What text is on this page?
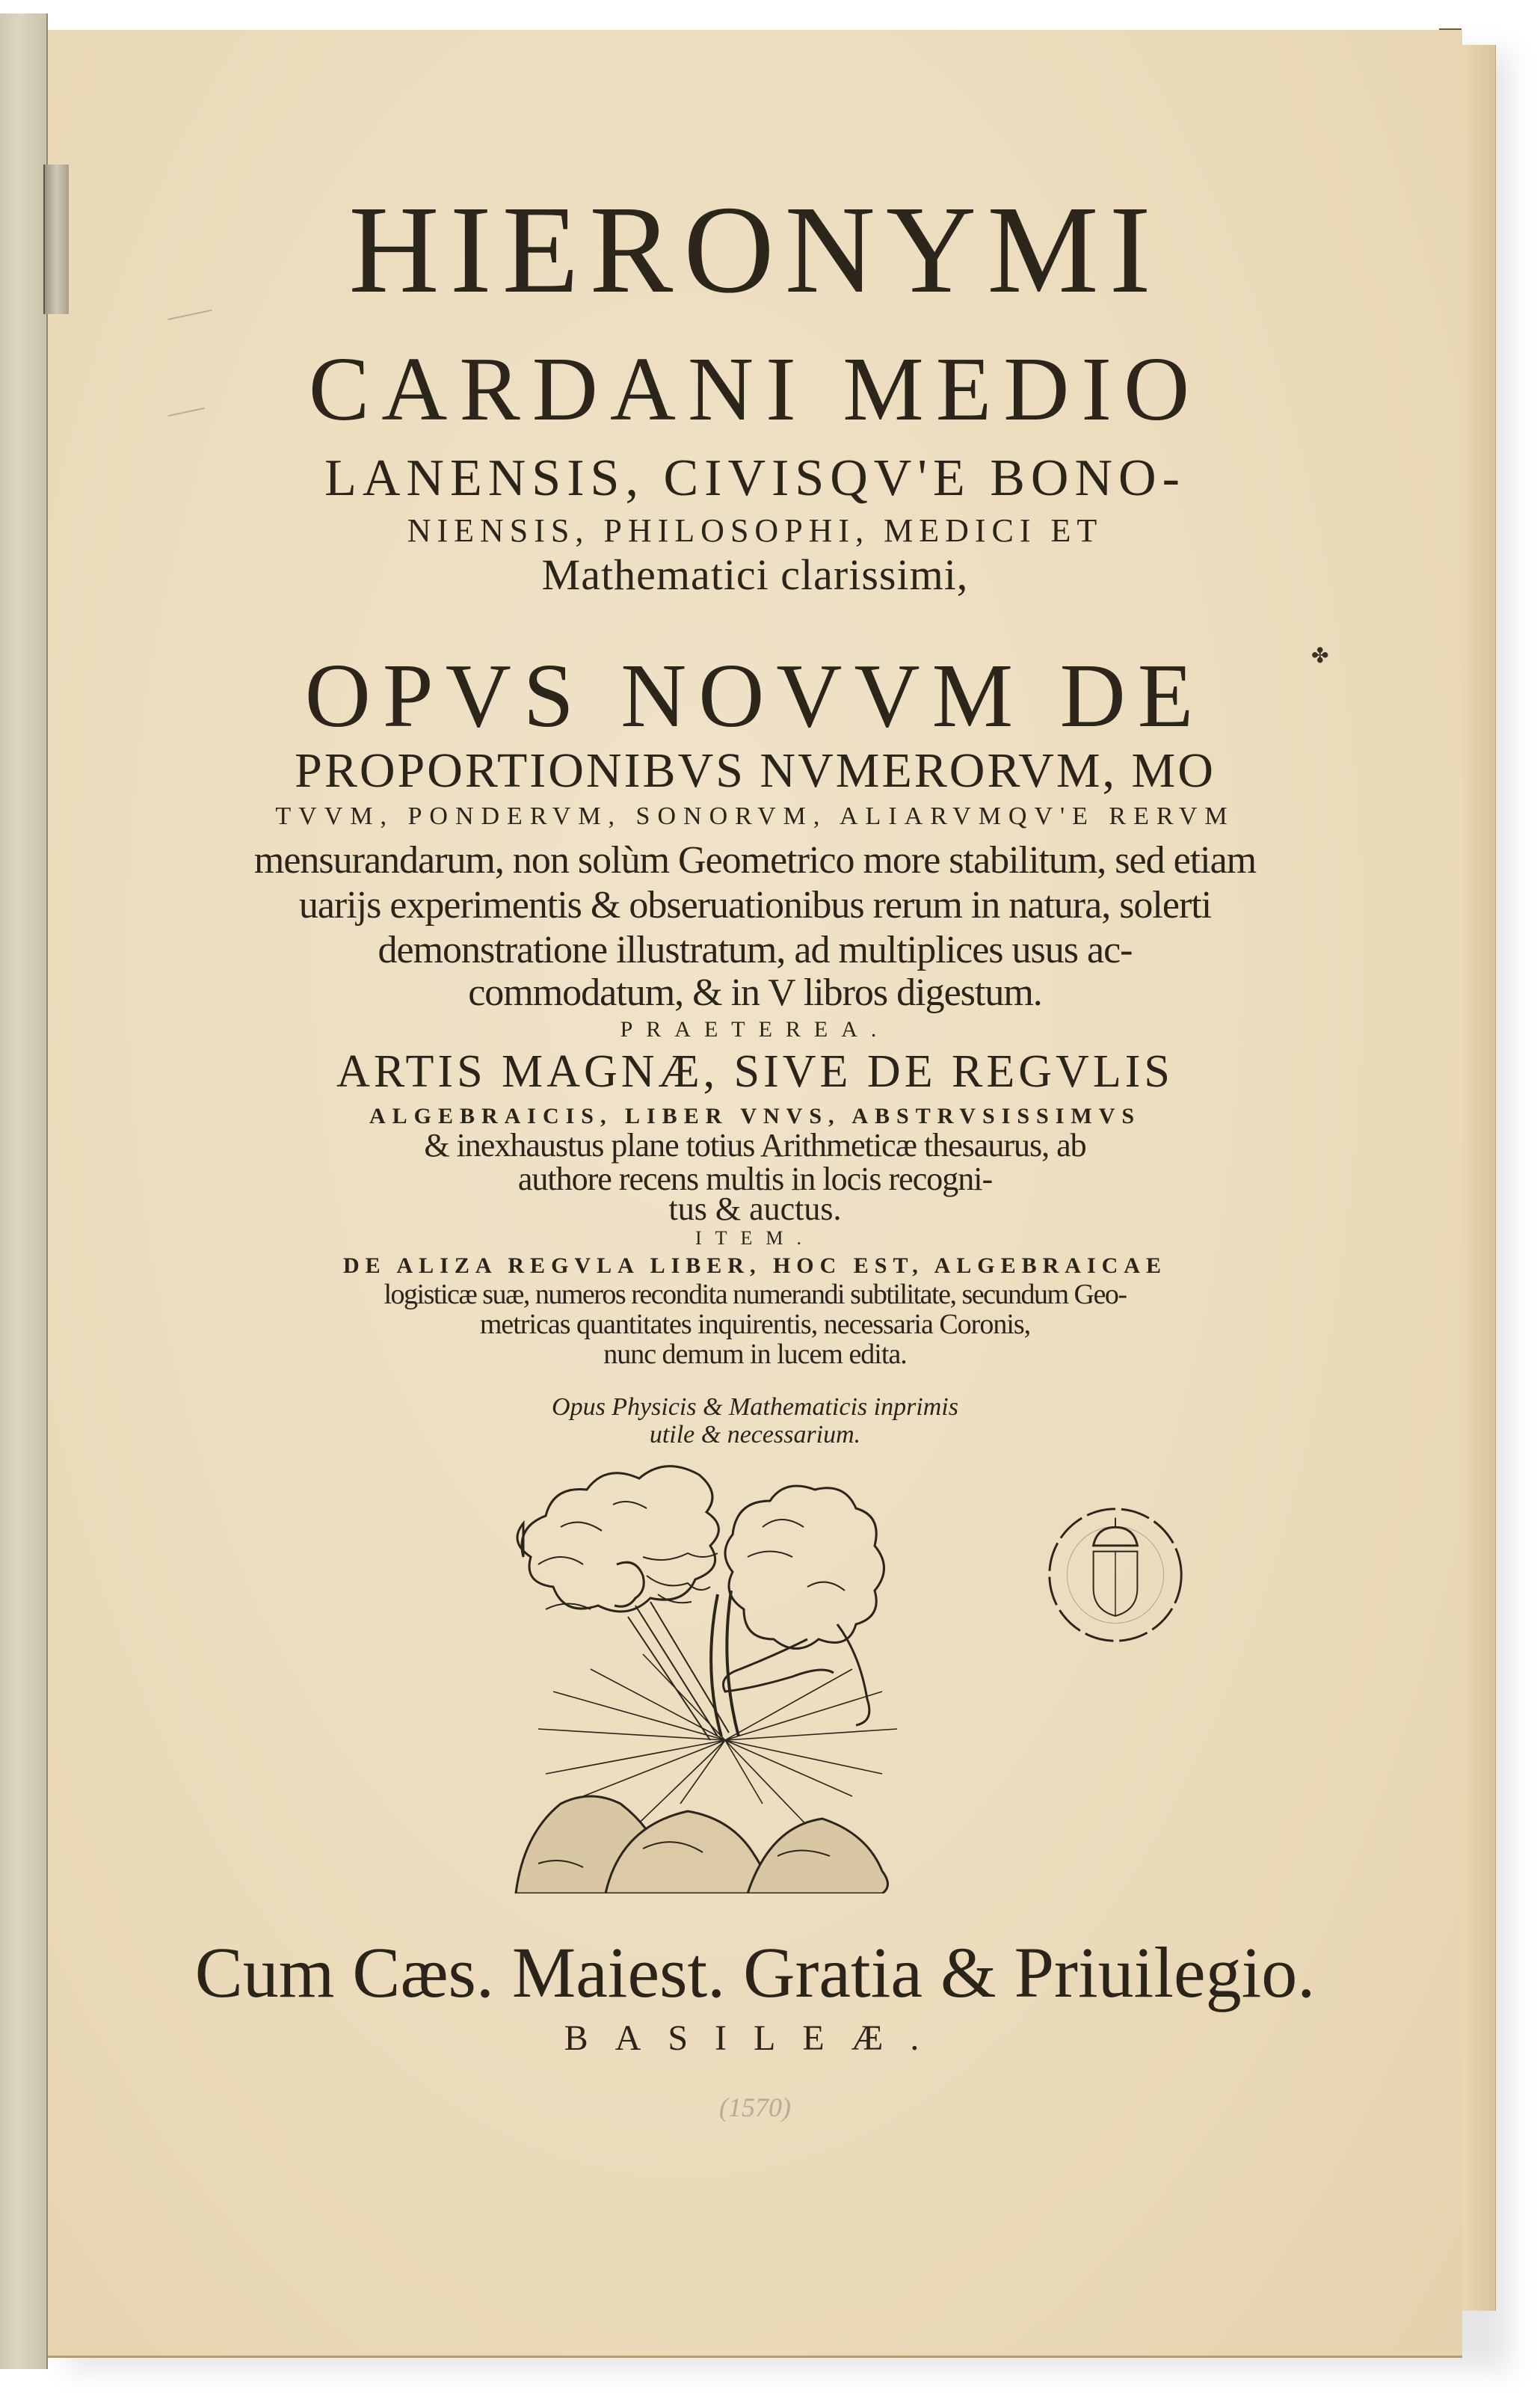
HIERONYMI
CARDANI MEDIO
LANENSIS, CIVISQV'E BONO-
NIENSIS, PHILOSOPHI, MEDICI ET
Mathematici clarissimi,
✤
OPVS NOVVM DE
PROPORTIONIBVS NVMERORVM, MO
TVVM, PONDERVM, SONORVM, ALIARVMQV'E RERVM
mensurandarum, non solùm Geometrico more stabilitum, sed etiam
uarijs experimentis & obseruationibus rerum in natura, solerti
demonstratione illustratum, ad multiplices usus ac-
commodatum, & in V libros digestum.
PRAETEREA.
ARTIS MAGNÆ, SIVE DE REGVLIS
ALGEBRAICIS, LIBER VNVS, ABSTRVSISSIMVS
& inexhaustus plane totius Arithmeticæ thesaurus, ab
authore recens multis in locis recogni-
tus & auctus.
ITEM.
DE ALIZA REGVLA LIBER, HOC EST, ALGEBRAICAE
logisticæ suæ, numeros recondita numerandi subtilitate, secundum Geo-
metricas quantitates inquirentis, necessaria Coronis,
nunc demum in lucem edita.
Opus Physicis & Mathematicis inprimis
utile & necessarium.
Cum Cæs. Maiest. Gratia & Priuilegio.
BASILEÆ.
(1570)
